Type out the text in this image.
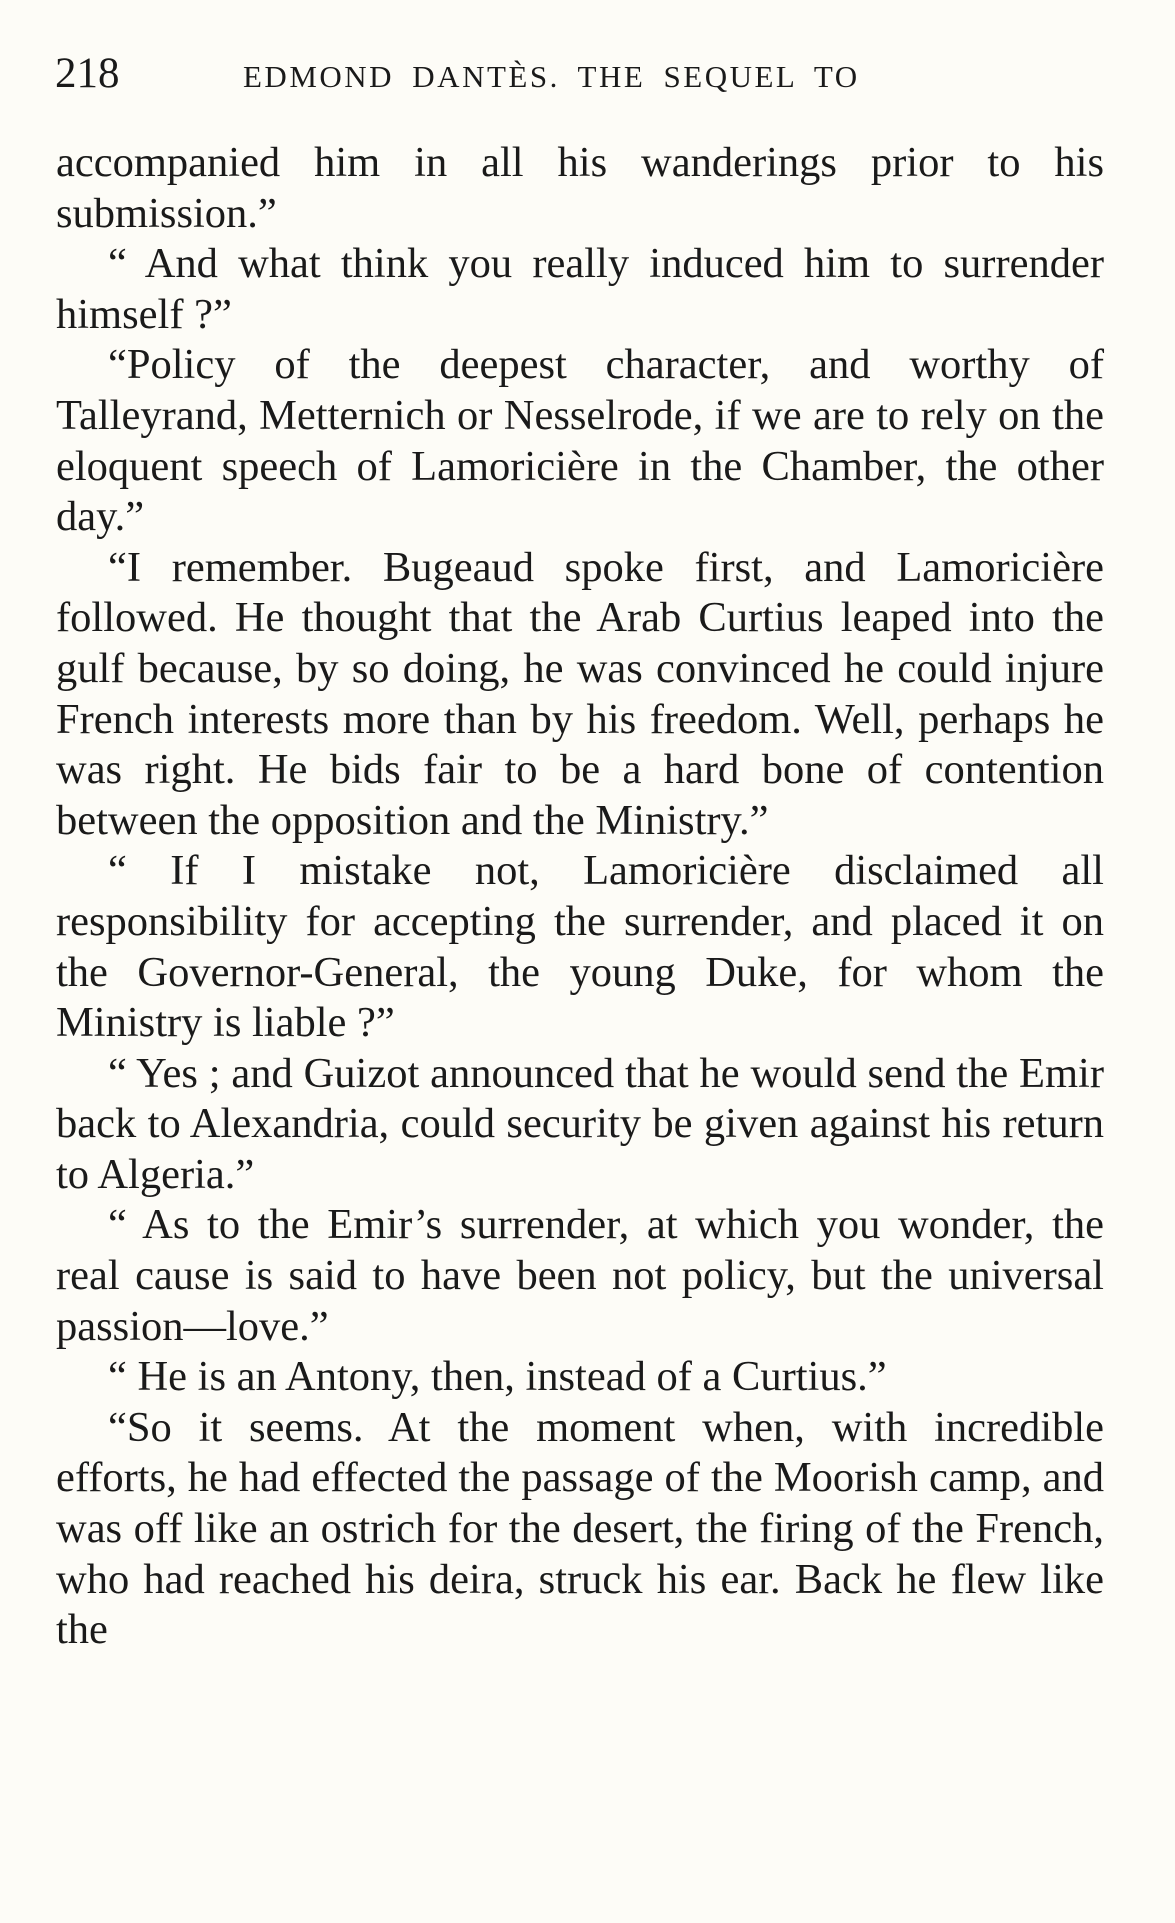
218	EDMOND DANTÈS. THE SEQUEL TO

accompanied him in all his wanderings prior to his submission.”

“ And what think you really induced him to surrender himself ?”

“Policy of the deepest character, and worthy of Talleyrand, Metternich or Nesselrode, if we are to rely on the eloquent speech of Lamoricière in the Chamber, the other day.”

“I remember. Bugeaud spoke first, and Lamoricière followed. He thought that the Arab Curtius leaped into the gulf because, by so doing, he was convinced he could injure French interests more than by his freedom. Well, perhaps he was right. He bids fair to be a hard bone of contention between the opposition and the Ministry.”

“ If I mistake not, Lamoricière disclaimed all responsibility for accepting the surrender, and placed it on the Governor-General, the young Duke, for whom the Ministry is liable ?”

“ Yes ; and Guizot announced that he would send the Emir back to Alexandria, could security be given against his return to Algeria.”

“ As to the Emir’s surrender, at which you wonder, the real cause is said to have been not policy, but the universal passion—love.”

“ He is an Antony, then, instead of a Curtius.”

“So it seems. At the moment when, with incredible efforts, he had effected the passage of the Moorish camp, and was off like an ostrich for the desert, the firing of the French, who had reached his deira, struck his ear. Back he flew like the
